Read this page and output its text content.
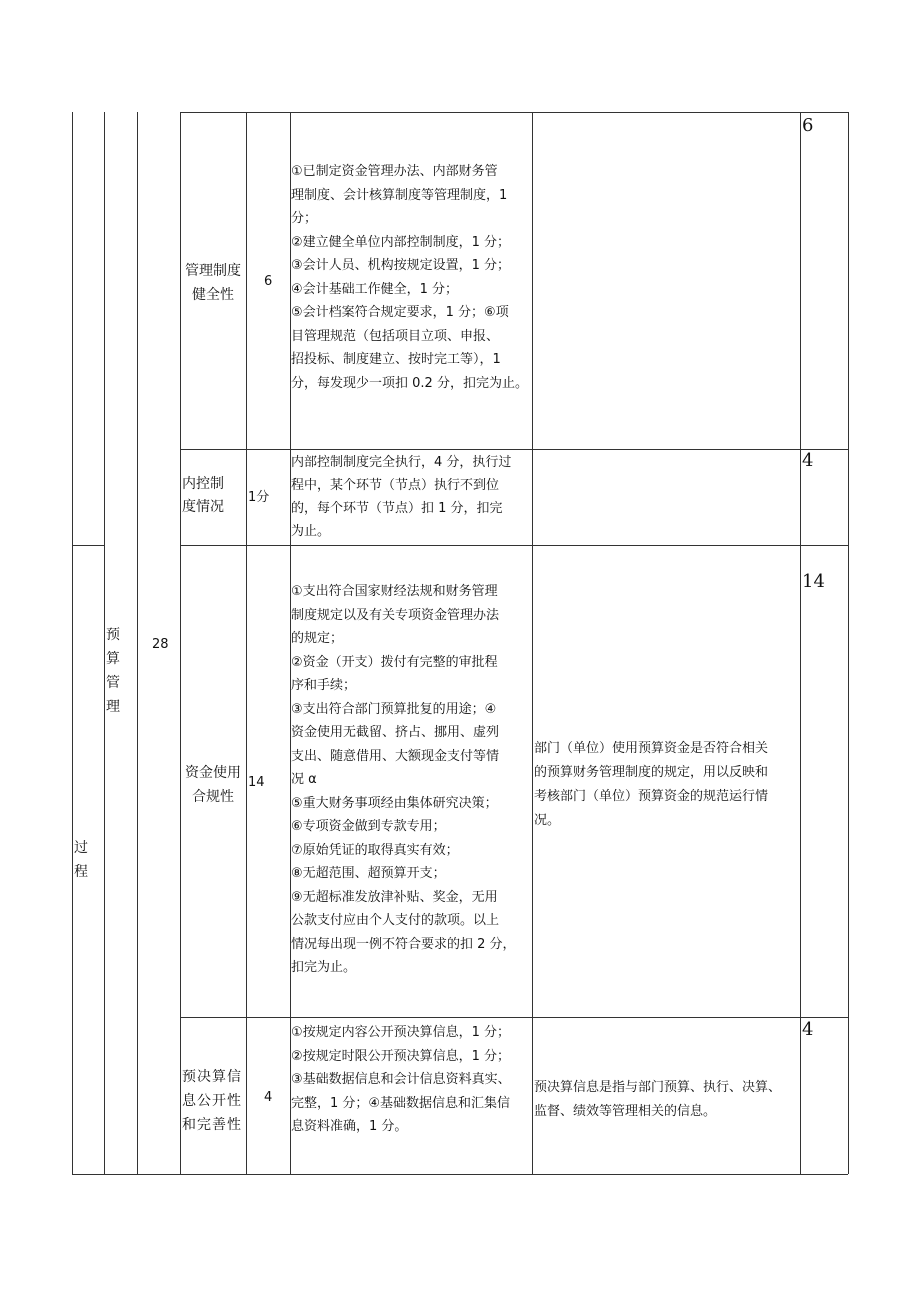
过程
预算管理
28
管理制度健全性
6

①已制定资金管理办法、内部财务管

理制度、会计核算制度等管理制度，1

分；

②建立健全单位内部控制制度，1 分；

③会计人员、机构按规定设置，1 分；

④会计基础工作健全，1 分；

⑤会计档案符合规定要求，1 分；⑥项

目管理规范（包括项目立项、申报、

招投标、制度建立、按时完工等），1

分，每发现少一项扣 0.2 分，扣完为止。

6
内控制度情况
1分

内部控制制度完全执行，4 分，执行过

程中，某个环节（节点）执行不到位

的，每个环节（节点）扣 1 分，扣完

为止。

4
资金使用合规性
14

①支出符合国家财经法规和财务管理

制度规定以及有关专项资金管理办法

的规定；

②资金（开支）拨付有完整的审批程

序和手续；

③支出符合部门预算批复的用途；④

资金使用无截留、挤占、挪用、虚列

支出、随意借用、大额现金支付等情

况 α

⑤重大财务事项经由集体研究决策；

⑥专项资金做到专款专用；

⑦原始凭证的取得真实有效；

⑧无超范围、超预算开支；

⑨无超标准发放津补贴、奖金，无用

公款支付应由个人支付的款项。以上

情况每出现一例不符合要求的扣 2 分，

扣完为止。

部门（单位）使用预算资金是否符合相关

的预算财务管理制度的规定，用以反映和

考核部门（单位）预算资金的规范运行情

况。

14
预决算信息公开性和完善性
4

①按规定内容公开预决算信息，1 分；

②按规定时限公开预决算信息，1 分；

③基础数据信息和会计信息资料真实、

完整，1 分；④基础数据信息和汇集信

息资料准确，1 分。

预决算信息是指与部门预算、执行、决算、

监督、绩效等管理相关的信息。

4
